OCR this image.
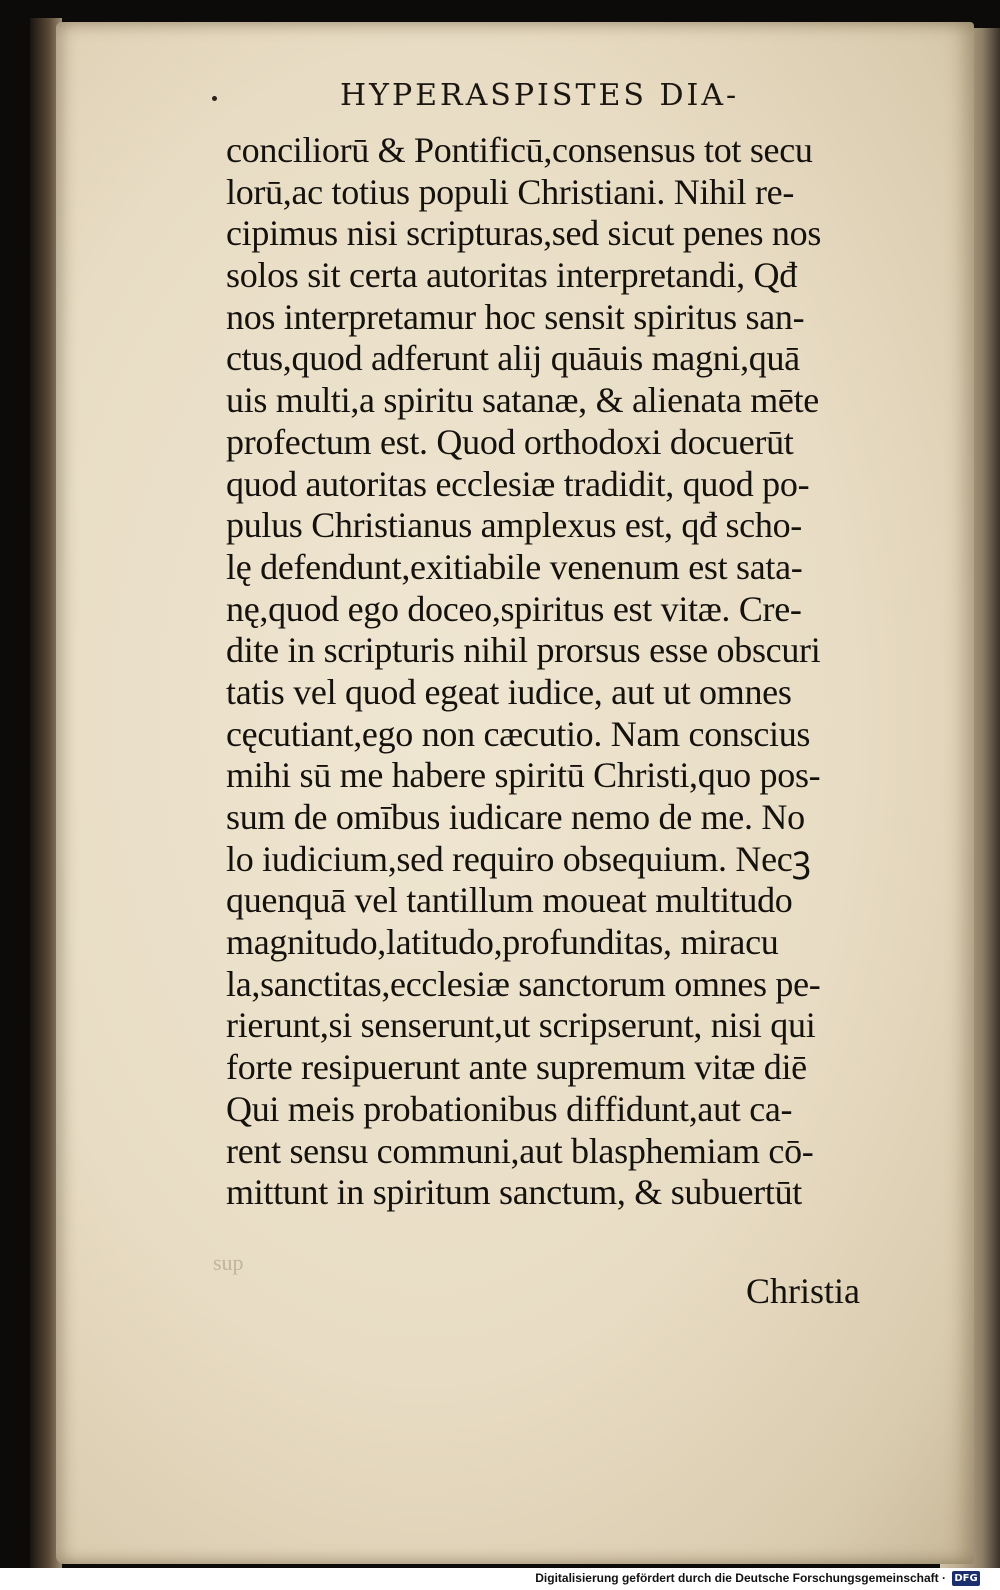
HYPERASPISTES DIA-
conciliorū & Pontificū,consensus tot secu
lorū,ac totius populi Christiani. Nihil re-
cipimus nisi scripturas,sed sicut penes nos
solos sit certa autoritas interpretandi, Qđ
nos interpretamur hoc sensit spiritus san-
ctus,quod adferunt alij quāuis magni,quā
uis multi,a spiritu satanæ, & alienata mēte
profectum est. Quod orthodoxi docuerūt
quod autoritas ecclesiæ tradidit, quod po-
pulus Christianus amplexus est, qđ scho-
lę defendunt,exitiabile venenum est sata-
nę,quod ego doceo,spiritus est vitæ. Cre-
dite in scripturis nihil prorsus esse obscuri
tatis vel quod egeat iudice, aut ut omnes
cęcutiant,ego non cæcutio. Nam conscius
mihi sū me habere spiritū Christi,quo pos-
sum de omībus iudicare nemo de me. No
lo iudicium,sed requiro obsequium. Necꝫ
quenquā vel tantillum moueat multitudo
magnitudo,latitudo,profunditas, miracu
la,sanctitas,ecclesiæ sanctorum omnes pe-
rierunt,si senserunt,ut scripserunt, nisi qui
forte resipuerunt ante supremum vitæ diē
Qui meis probationibus diffidunt,aut ca-
rent sensu communi,aut blasphemiam cō-
mittunt in spiritum sanctum, & subuertūt
sup
Christia
Digitalisierung gefördert durch die Deutsche Forschungsgemeinschaft · DFG
